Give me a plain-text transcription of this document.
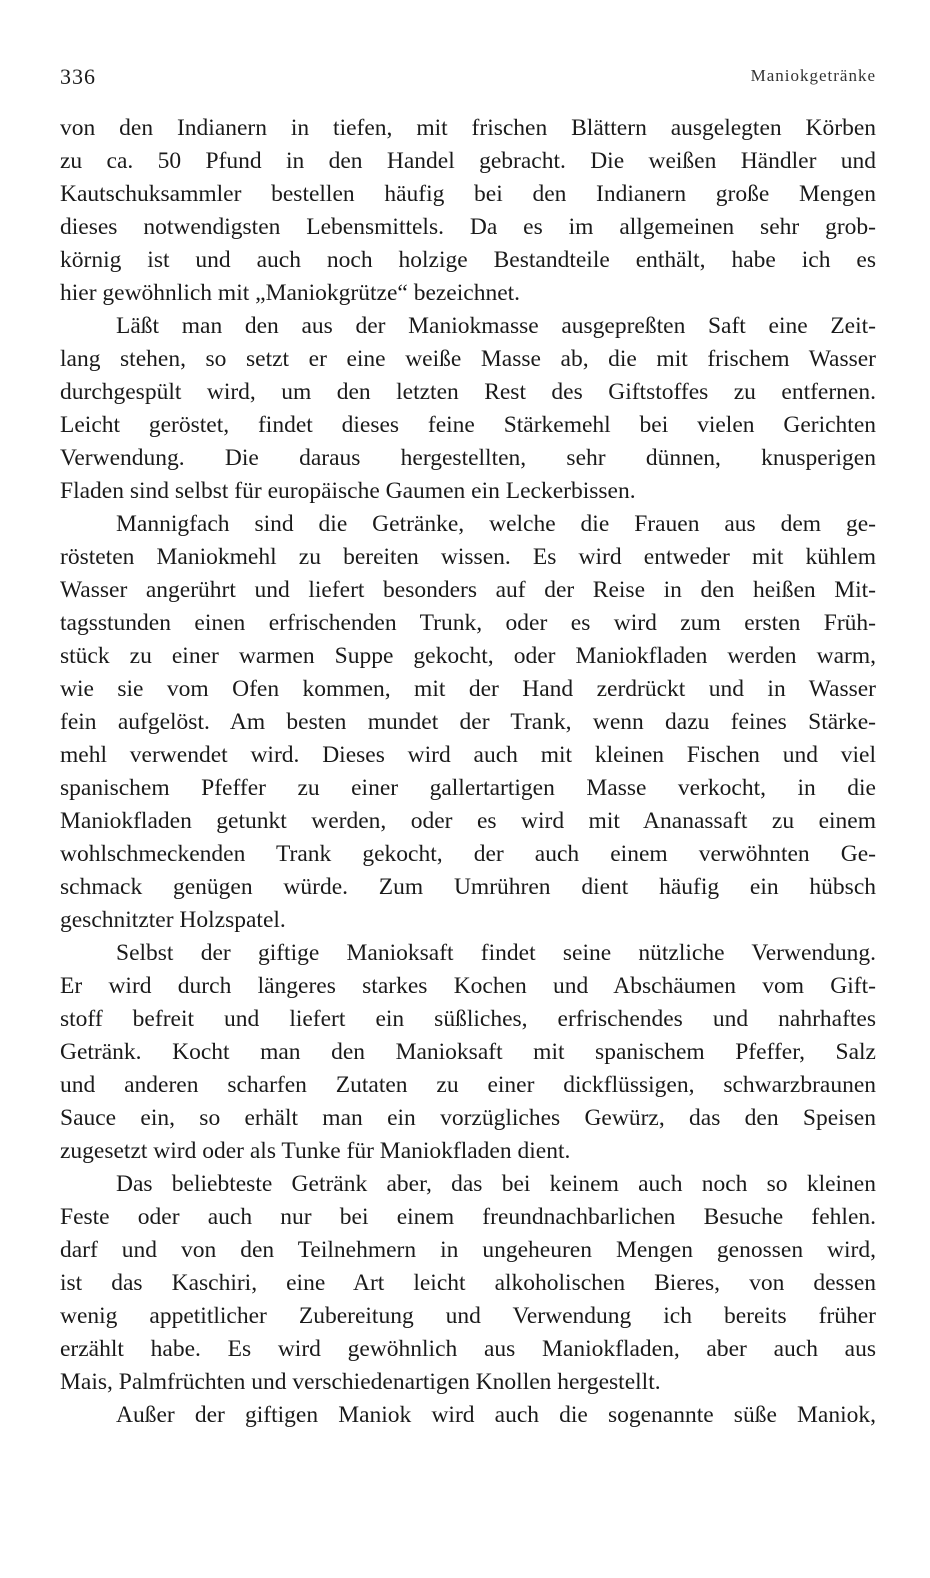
336	Maniokgetränke
von den Indianern in tiefen, mit frischen Blättern ausgelegten Körben
zu ca. 50 Pfund in den Handel gebracht. Die weißen Händler und
Kautschuksammler bestellen häufig bei den Indianern große Mengen
dieses notwendigsten Lebensmittels. Da es im allgemeinen sehr grob-
körnig ist und auch noch holzige Bestandteile enthält, habe ich es
hier gewöhnlich mit „Maniokgrütze“ bezeichnet.
Läßt man den aus der Maniokmasse ausgepreßten Saft eine Zeit-
lang stehen, so setzt er eine weiße Masse ab, die mit frischem Wasser
durchgespült wird, um den letzten Rest des Giftstoffes zu entfernen.
Leicht geröstet, findet dieses feine Stärkemehl bei vielen Gerichten
Verwendung. Die daraus hergestellten, sehr dünnen, knusperigen
Fladen sind selbst für europäische Gaumen ein Leckerbissen.
Mannigfach sind die Getränke, welche die Frauen aus dem ge-
rösteten Maniokmehl zu bereiten wissen. Es wird entweder mit kühlem
Wasser angerührt und liefert besonders auf der Reise in den heißen Mit-
tagsstunden einen erfrischenden Trunk, oder es wird zum ersten Früh-
stück zu einer warmen Suppe gekocht, oder Maniokfladen werden warm,
wie sie vom Ofen kommen, mit der Hand zerdrückt und in Wasser
fein aufgelöst. Am besten mundet der Trank, wenn dazu feines Stärke-
mehl verwendet wird. Dieses wird auch mit kleinen Fischen und viel
spanischem Pfeffer zu einer gallertartigen Masse verkocht, in die
Maniokfladen getunkt werden, oder es wird mit Ananassaft zu einem
wohlschmeckenden Trank gekocht, der auch einem verwöhnten Ge-
schmack genügen würde. Zum Umrühren dient häufig ein hübsch
geschnitzter Holzspatel.
Selbst der giftige Manioksaft findet seine nützliche Verwendung.
Er wird durch längeres starkes Kochen und Abschäumen vom Gift-
stoff befreit und liefert ein süßliches, erfrischendes und nahrhaftes
Getränk. Kocht man den Manioksaft mit spanischem Pfeffer, Salz
und anderen scharfen Zutaten zu einer dickflüssigen, schwarzbraunen
Sauce ein, so erhält man ein vorzügliches Gewürz, das den Speisen
zugesetzt wird oder als Tunke für Maniokfladen dient.
Das beliebteste Getränk aber, das bei keinem auch noch so kleinen
Feste oder auch nur bei einem freundnachbarlichen Besuche fehlen.
darf und von den Teilnehmern in ungeheuren Mengen genossen wird,
ist das Kaschiri, eine Art leicht alkoholischen Bieres, von dessen
wenig appetitlicher Zubereitung und Verwendung ich bereits früher
erzählt habe. Es wird gewöhnlich aus Maniokfladen, aber auch aus
Mais, Palmfrüchten und verschiedenartigen Knollen hergestellt.
Außer der giftigen Maniok wird auch die sogenannte süße Maniok,
